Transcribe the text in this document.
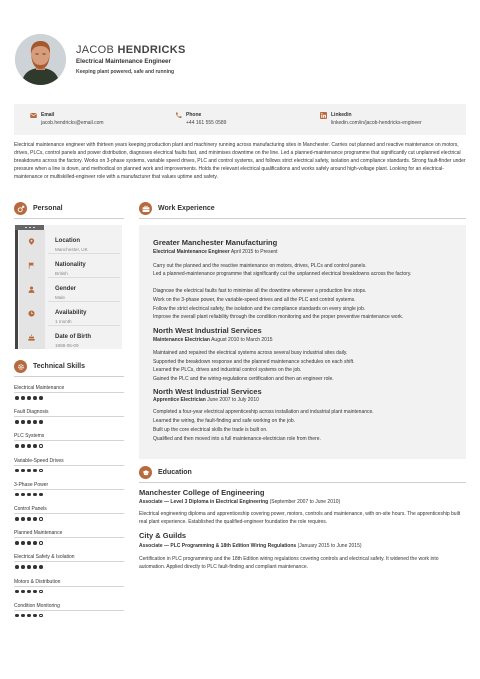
JACOB HENDRICKS
Electrical Maintenance Engineer
Keeping plant powered, safe and running
Email
jacob.hendricks@email.com
Phone
+44 161 555 0589
Linkedin
linkedin.com/in/jacob-hendricks-engineer
Electrical maintenance engineer with thirteen years keeping production plant and machinery running across manufacturing sites in Manchester. Carries out planned and reactive maintenance on motors, drives, PLCs, control panels and power distribution, diagnoses electrical faults fast, and minimises downtime on the line. Led a planned-maintenance programme that significantly cut unplanned electrical breakdowns across the factory. Works on 3-phase systems, variable speed drives, PLC and control systems, and follows strict electrical safety, isolation and compliance standards. Strong fault-finder under pressure when a line is down, and methodical on planned work and improvements. Holds the relevant electrical qualifications and works safely around high-voltage plant. Looking for an electrical-maintenance or multiskilled-engineer role with a manufacturer that values uptime and safety.
Personal
Location
Manchester, UK
Nationality
British
Gender
Male
Availability
1 month
Date of Birth
1988-05-09
Technical Skills
Electrical Maintenance
Fault Diagnosis
PLC Systems
Variable-Speed Drives
3-Phase Power
Control Panels
Planned Maintenance
Electrical Safety & Isolation
Motors & Distribution
Condition Monitoring
Work Experience
Greater Manchester Manufacturing
Electrical Maintenance Engineer April 2015 to Present
Carry out the planned and the reactive maintenance on motors, drives, PLCs and control panels.
Led a planned-maintenance programme that significantly cut the unplanned electrical breakdowns across the factory.
Diagnose the electrical faults fast to minimise all the downtime whenever a production line stops.
Work on the 3-phase power, the variable-speed drives and all the PLC and control systems.
Follow the strict electrical safety, the isolation and the compliance standards on every single job.
Improve the overall plant reliability through the condition monitoring and the proper preventive maintenance work.
North West Industrial Services
Maintenance Electrician August 2010 to March 2015
Maintained and repaired the electrical systems across several busy industrial sites daily.
Supported the breakdown response and the planned maintenance schedules on each shift.
Learned the PLCs, drives and industrial control systems on the job.
Gained the PLC and the wiring-regulations certification and then an engineer role.
North West Industrial Services
Apprentice Electrician June 2007 to July 2010
Completed a four-year electrical apprenticeship across installation and industrial plant maintenance.
Learned the wiring, the fault-finding and safe working on the job.
Built up the core electrical skills the trade is built on.
Qualified and then moved into a full maintenance-electrician role from there.
Education
Manchester College of Engineering
Associate — Level 3 Diploma in Electrical Engineering (September 2007 to June 2010)
Electrical engineering diploma and apprenticeship covering power, motors, controls and maintenance, with on-site hours. The apprenticeship built real plant experience. Established the qualified-engineer foundation the role requires.
City & Guilds
Associate — PLC Programming & 18th Edition Wiring Regulations (January 2015 to June 2015)
Certification in PLC programming and the 18th Edition wiring regulations covering controls and electrical safety. It widened the work into automation. Applied directly to PLC fault-finding and compliant maintenance.
